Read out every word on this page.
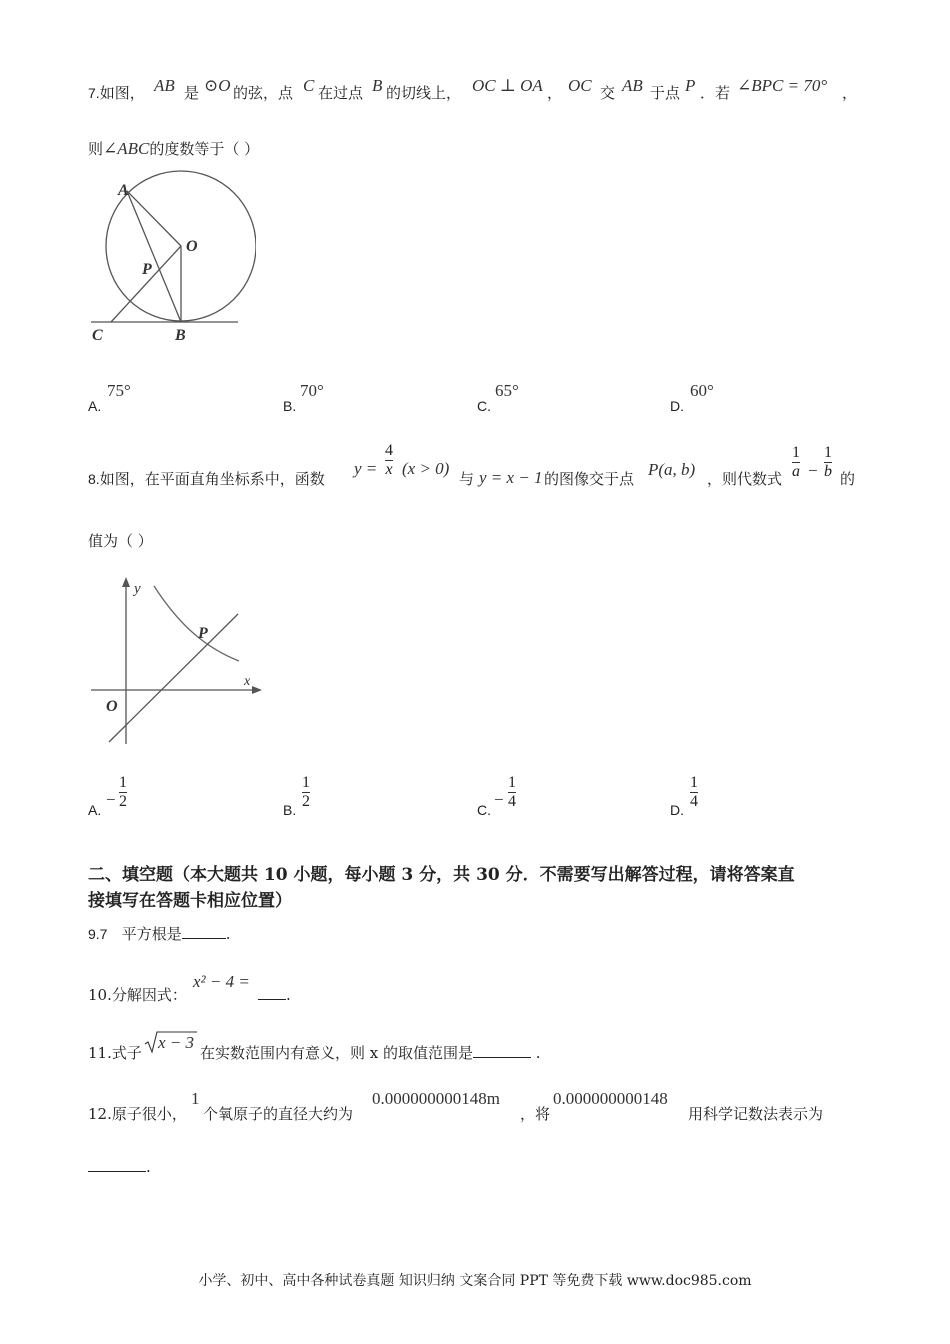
7.如图， AB 是 ⊙O 的弦，点 C 在过点 B 的切线上， OC ⊥ OA ， OC 交 AB 于点 P ．若 ∠BPC = 70° ，
则∠ABC的度数等于（ ）
A
O
P
C	B
A.
75°
B.
70°
C.
65°
D.
60°
8.如图，在平面直角坐标系中，函数
y =
4
x (x > 0)
与 y = x − 1 的图像交于点 P(a, b) ，则代数式
1
a −
1
b 的
值为（ ）
y
x
O
P
A.
−
1
2	B.
1
2	C.
−
1
4	D.
1
4
二、填空题（本大题共 10 小题，每小题 3 分，共 30 分．不需要写出解答过程，请将答案直
接填写在答题卡相应位置）
9.7 平方根是	.
10.分解因式：
x² − 4 =
.
11.式子
x − 3
在实数范围内有意义，则 x 的取值范围是	.
12.原子很小，
1
个氧原子的直径大约为
0.000000000148m
，将
0.000000000148
用科学记数法表示为
.
小学、初中、高中各种试卷真题 知识归纳 文案合同 PPT 等免费下载 www.doc985.com
